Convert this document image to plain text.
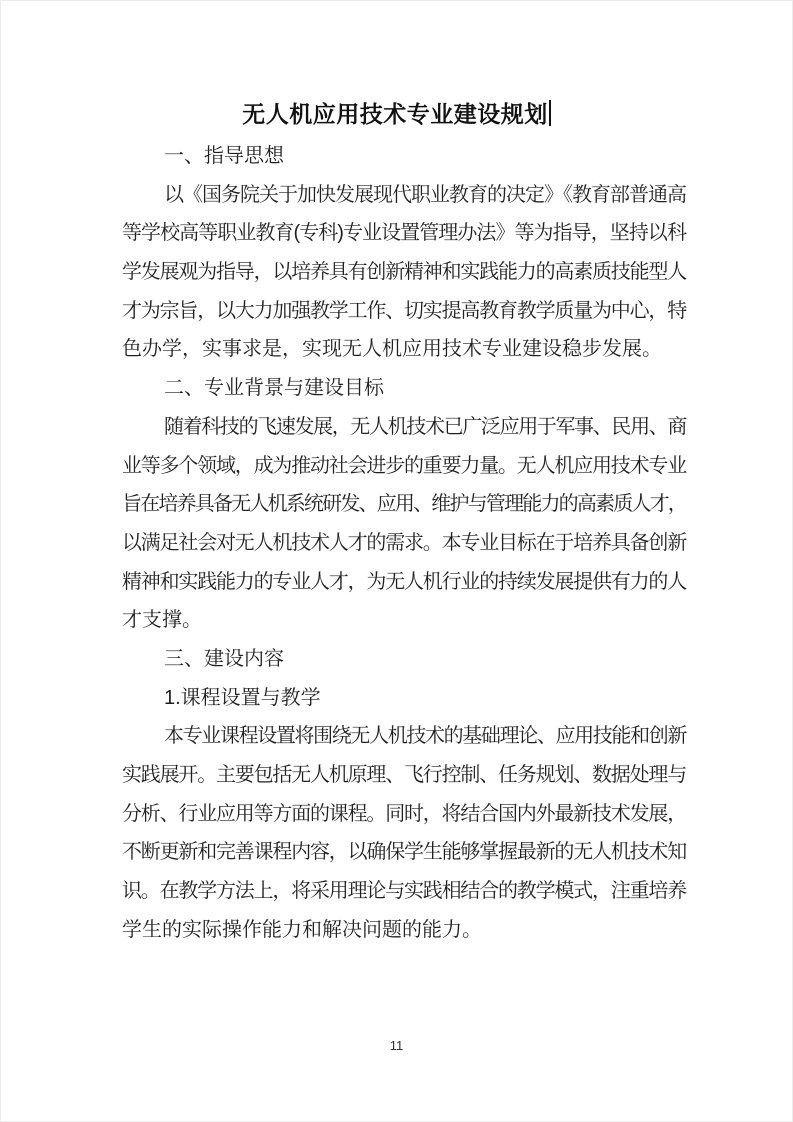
无人机应用技术专业建设规划

一、指导思想

以《国务院关于加快发展现代职业教育的决定》《教育部普通高

等学校高等职业教育(专科)专业设置管理办法》等为指导，坚持以科

学发展观为指导，以培养具有创新精神和实践能力的高素质技能型人

才为宗旨，以大力加强教学工作、切实提高教育教学质量为中心，特

色办学，实事求是，实现无人机应用技术专业建设稳步发展。

二、专业背景与建设目标

随着科技的飞速发展，无人机技术已广泛应用于军事、民用、商

业等多个领域，成为推动社会进步的重要力量。无人机应用技术专业

旨在培养具备无人机系统研发、应用、维护与管理能力的高素质人才，

以满足社会对无人机技术人才的需求。本专业目标在于培养具备创新

精神和实践能力的专业人才，为无人机行业的持续发展提供有力的人

才支撑。

三、建设内容

1.课程设置与教学

本专业课程设置将围绕无人机技术的基础理论、应用技能和创新

实践展开。主要包括无人机原理、飞行控制、任务规划、数据处理与

分析、行业应用等方面的课程。同时，将结合国内外最新技术发展，

不断更新和完善课程内容，以确保学生能够掌握最新的无人机技术知

识。在教学方法上，将采用理论与实践相结合的教学模式，注重培养

学生的实际操作能力和解决问题的能力。

11
